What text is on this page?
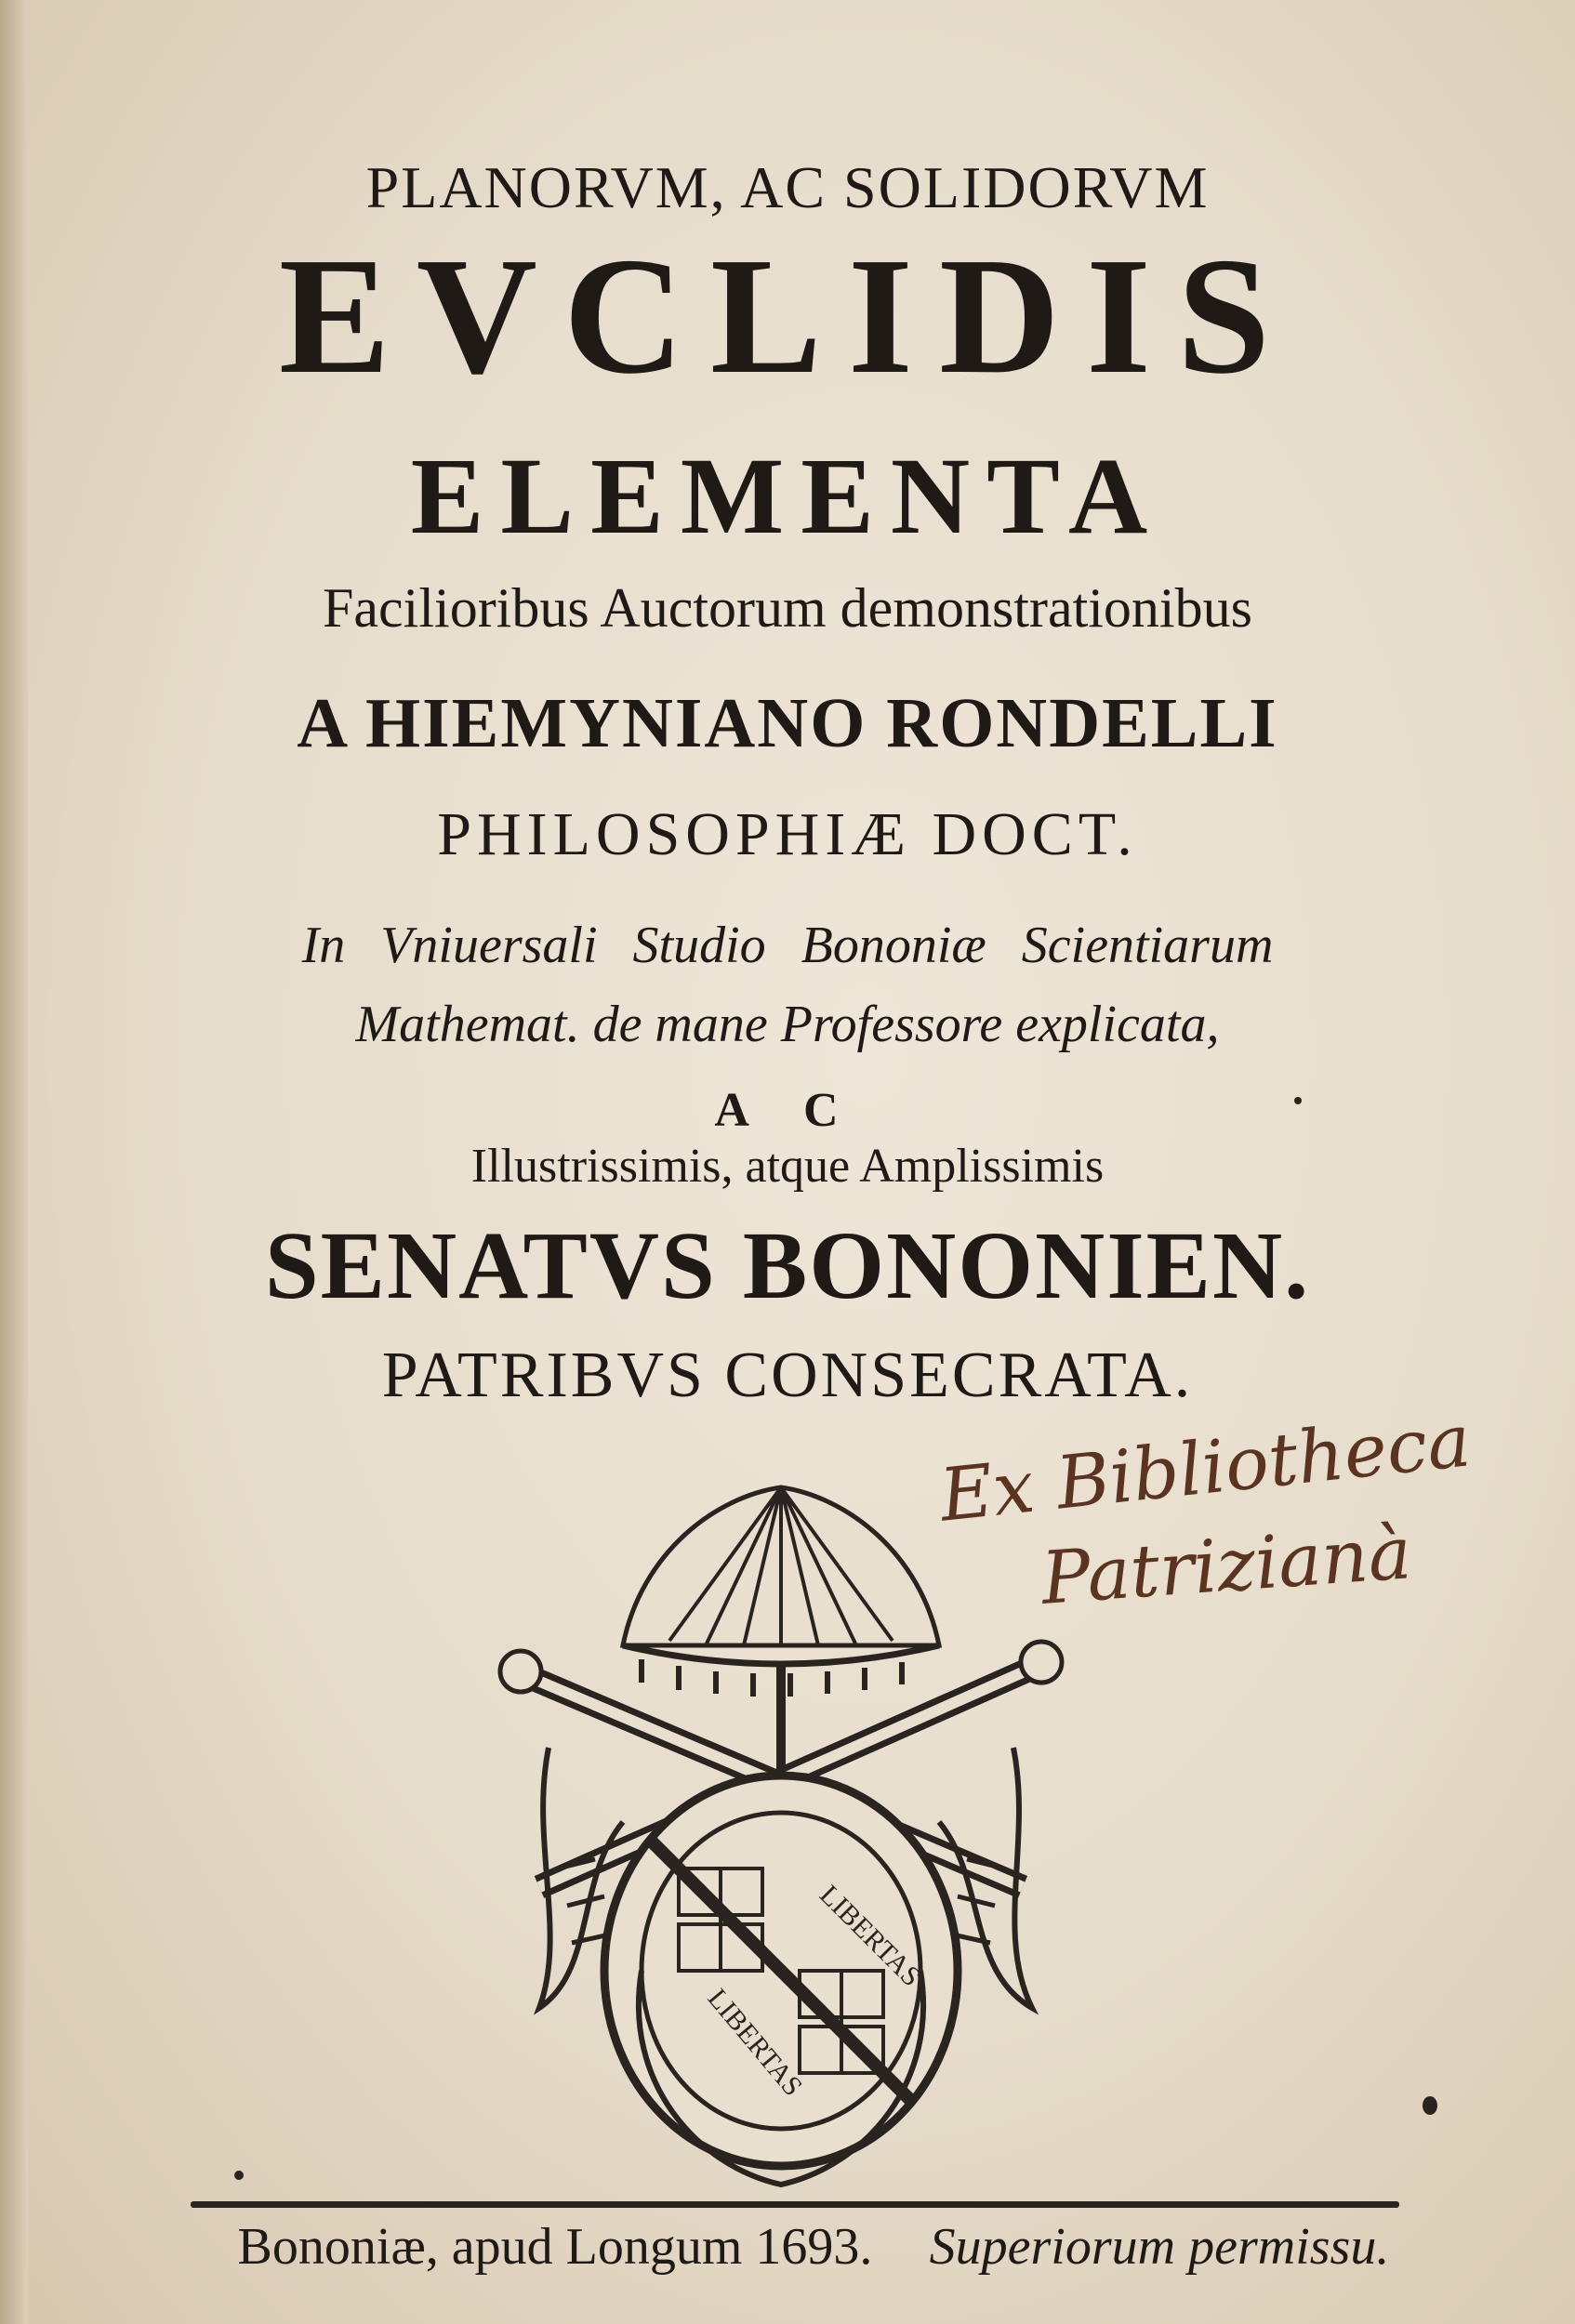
PLANORVM, AC SOLIDORVM

EVCLIDIS

ELEMENTA

Facilioribus Auctorum demonstrationibus

A HIEMYNIANO RONDELLI

PHILOSOPHIÆ DOCT.

In Vniuersali Studio Bononiæ Scientiarum

Mathemat. de mane Professore explicata,

A C

Illustrissimis, atque Amplissimis

SENATVS BONONIEN.

PATRIBVS CONSECRATA.

Ex Bibliotheca
Patrizianà
LIBERTAS
LIBERTAS

Bononiæ, apud Longum 1693.	Superiorum permissu.
